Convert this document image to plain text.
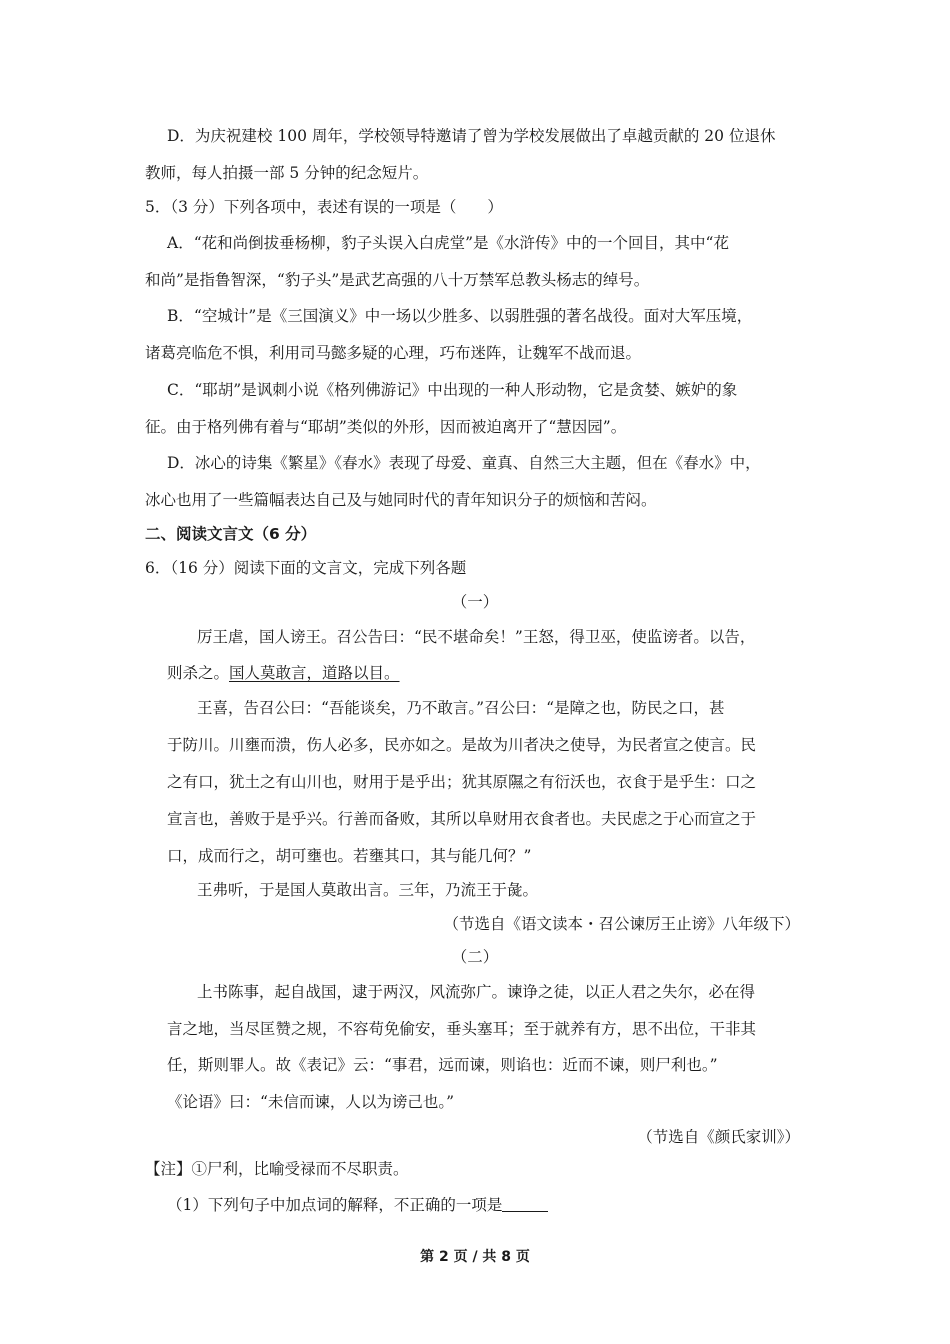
D．为庆祝建校 100 周年，学校领导特邀请了曾为学校发展做出了卓越贡献的 20 位退休
教师，每人拍摄一部 5 分钟的纪念短片。
5．（3 分）下列各项中，表述有误的一项是（　　）
A．“花和尚倒拔垂杨柳，豹子头误入白虎堂”是《水浒传》中的一个回目，其中“花
和尚”是指鲁智深，“豹子头”是武艺高强的八十万禁军总教头杨志的绰号。
B．“空城计”是《三国演义》中一场以少胜多、以弱胜强的著名战役。面对大军压境，
诸葛亮临危不惧，利用司马懿多疑的心理，巧布迷阵，让魏军不战而退。
C．“耶胡”是讽刺小说《格列佛游记》中出现的一种人形动物，它是贪婪、嫉妒的象
征。由于格列佛有着与“耶胡”类似的外形，因而被迫离开了“慧因园”。
D．冰心的诗集《繁星》《春水》表现了母爱、童真、自然三大主题，但在《春水》中，
冰心也用了一些篇幅表达自己及与她同时代的青年知识分子的烦恼和苦闷。
二、阅读文言文（6 分）
6．（16 分）阅读下面的文言文，完成下列各题
（一）
厉王虐，国人谤王。召公告曰：“民不堪命矣！”王怒，得卫巫，使监谤者。以告，
则杀之。国人莫敢言，道路以目。
王喜，告召公曰：“吾能谈矣，乃不敢言。”召公曰：“是障之也，防民之口，甚
于防川。川壅而溃，伤人必多，民亦如之。是故为川者决之使导，为民者宣之使言。民
之有口，犹土之有山川也，财用于是乎出；犹其原隰之有衍沃也，衣食于是乎生：口之
宣言也，善败于是乎兴。行善而备败，其所以阜财用衣食者也。夫民虑之于心而宣之于
口，成而行之，胡可壅也。若壅其口，其与能几何？”
王弗听，于是国人莫敢出言。三年，乃流王于彘。
（节选自《语文读本・召公谏厉王止谤》八年级下）
（二）
上书陈事，起自战国，逮于两汉，风流弥广。谏诤之徒，以正人君之失尔，必在得
言之地，当尽匡赞之规，不容苟免偷安，垂头塞耳；至于就养有方，思不出位，干非其
任，斯则罪人。故《表记》云：“事君，远而谏，则谄也：近而不谏，则尸利也。”
《论语》曰：“未信而谏，人以为谤己也。”
（节选自《颜氏家训》）
【注】①尸利，比喻受禄而不尽职责。
（1）下列句子中加点词的解释，不正确的一项是
第 2 页 / 共 8 页
